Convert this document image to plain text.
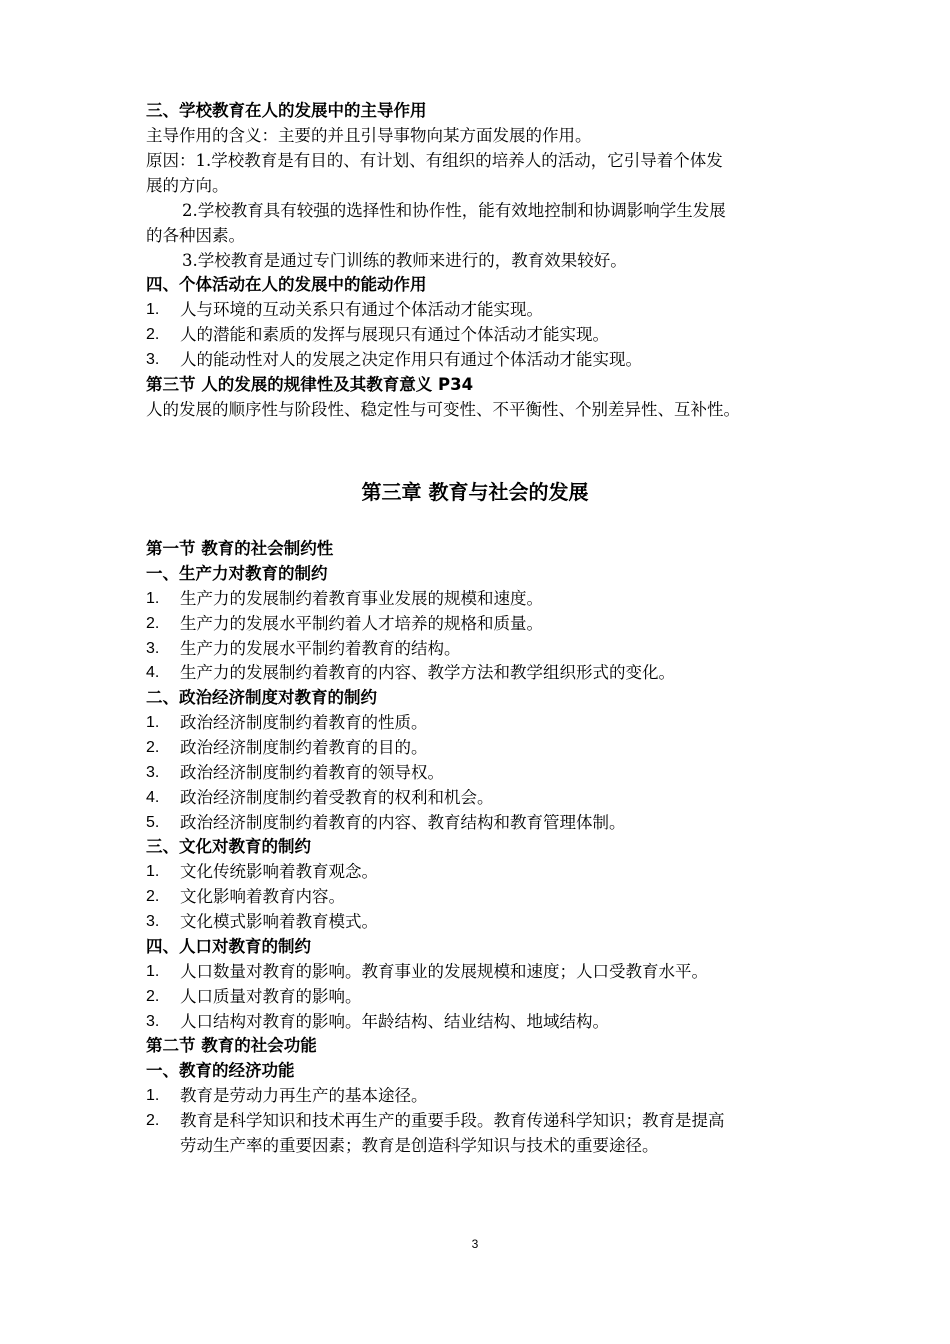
三、学校教育在人的发展中的主导作用

主导作用的含义：主要的并且引导事物向某方面发展的作用。

原因：1.学校教育是有目的、有计划、有组织的培养人的活动，它引导着个体发

展的方向。

2.学校教育具有较强的选择性和协作性，能有效地控制和协调影响学生发展

的各种因素。

3.学校教育是通过专门训练的教师来进行的，教育效果较好。

四、个体活动在人的发展中的能动作用

1. 人与环境的互动关系只有通过个体活动才能实现。

2. 人的潜能和素质的发挥与展现只有通过个体活动才能实现。

3. 人的能动性对人的发展之决定作用只有通过个体活动才能实现。

第三节 人的发展的规律性及其教育意义 P34

人的发展的顺序性与阶段性、稳定性与可变性、不平衡性、个别差异性、互补性。

第三章 教育与社会的发展

第一节 教育的社会制约性

一、生产力对教育的制约

1. 生产力的发展制约着教育事业发展的规模和速度。

2. 生产力的发展水平制约着人才培养的规格和质量。

3. 生产力的发展水平制约着教育的结构。

4. 生产力的发展制约着教育的内容、教学方法和教学组织形式的变化。

二、政治经济制度对教育的制约

1. 政治经济制度制约着教育的性质。

2. 政治经济制度制约着教育的目的。

3. 政治经济制度制约着教育的领导权。

4. 政治经济制度制约着受教育的权利和机会。

5. 政治经济制度制约着教育的内容、教育结构和教育管理体制。

三、文化对教育的制约

1. 文化传统影响着教育观念。

2. 文化影响着教育内容。

3. 文化模式影响着教育模式。

四、人口对教育的制约

1. 人口数量对教育的影响。教育事业的发展规模和速度；人口受教育水平。

2. 人口质量对教育的影响。

3. 人口结构对教育的影响。年龄结构、结业结构、地域结构。

第二节 教育的社会功能

一、教育的经济功能

1. 教育是劳动力再生产的基本途径。

2. 教育是科学知识和技术再生产的重要手段。教育传递科学知识；教育是提高

劳动生产率的重要因素；教育是创造科学知识与技术的重要途径。

3
